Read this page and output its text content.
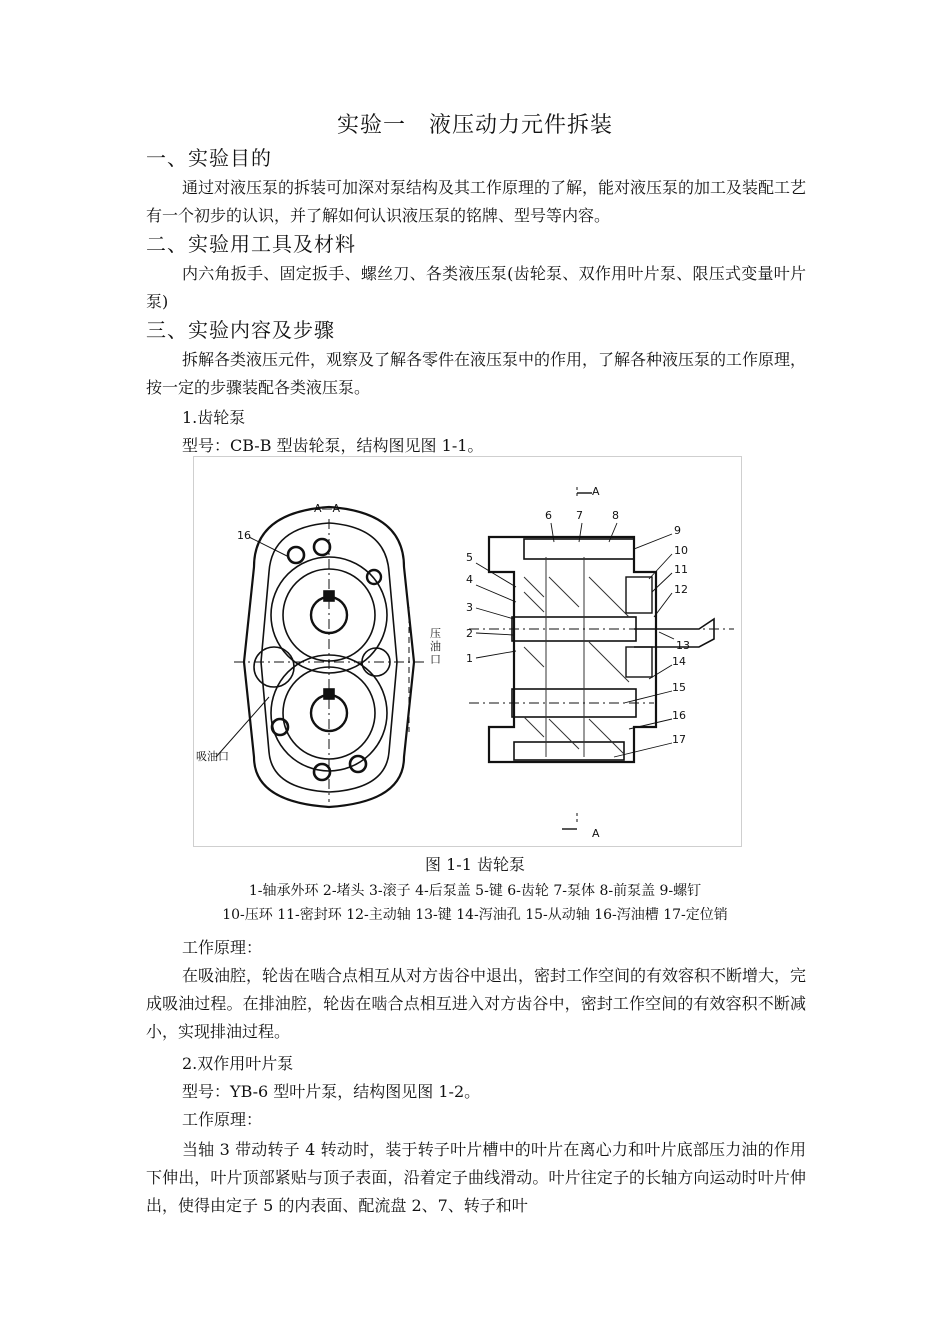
实验一　液压动力元件拆装
一、实验目的
通过对液压泵的拆装可加深对泵结构及其工作原理的了解，能对液压泵的加工及装配工艺有一个初步的认识，并了解如何认识液压泵的铭牌、型号等内容。
二、实验用工具及材料
内六角扳手、固定扳手、螺丝刀、各类液压泵(齿轮泵、双作用叶片泵、限压式变量叶片泵)
三、实验内容及步骤
拆解各类液压元件，观察及了解各零件在液压泵中的作用，了解各种液压泵的工作原理，按一定的步骤装配各类液压泵。
1.齿轮泵
型号：CB-B 型齿轮泵，结构图见图 1-1。
A—A
16
吸油口
A
A
6 7	8
5
4
3
2
1
9
10
11
12
13
14
15
16
17
压油口
图 1-1 齿轮泵
1-轴承外环 2-堵头 3-滚子 4-后泵盖 5-键 6-齿轮 7-泵体 8-前泵盖 9-螺钉
10-压环 11-密封环 12-主动轴 13-键 14-泻油孔 15-从动轴 16-泻油槽 17-定位销
工作原理：
在吸油腔，轮齿在啮合点相互从对方齿谷中退出，密封工作空间的有效容积不断增大，完成吸油过程。在排油腔，轮齿在啮合点相互进入对方齿谷中，密封工作空间的有效容积不断减小，实现排油过程。
2.双作用叶片泵
型号：YB-6 型叶片泵，结构图见图 1-2。
工作原理：
当轴 3 带动转子 4 转动时，装于转子叶片槽中的叶片在离心力和叶片底部压力油的作用下伸出，叶片顶部紧贴与顶子表面，沿着定子曲线滑动。叶片往定子的长轴方向运动时叶片伸出，使得由定子 5 的内表面、配流盘 2、7、转子和叶
